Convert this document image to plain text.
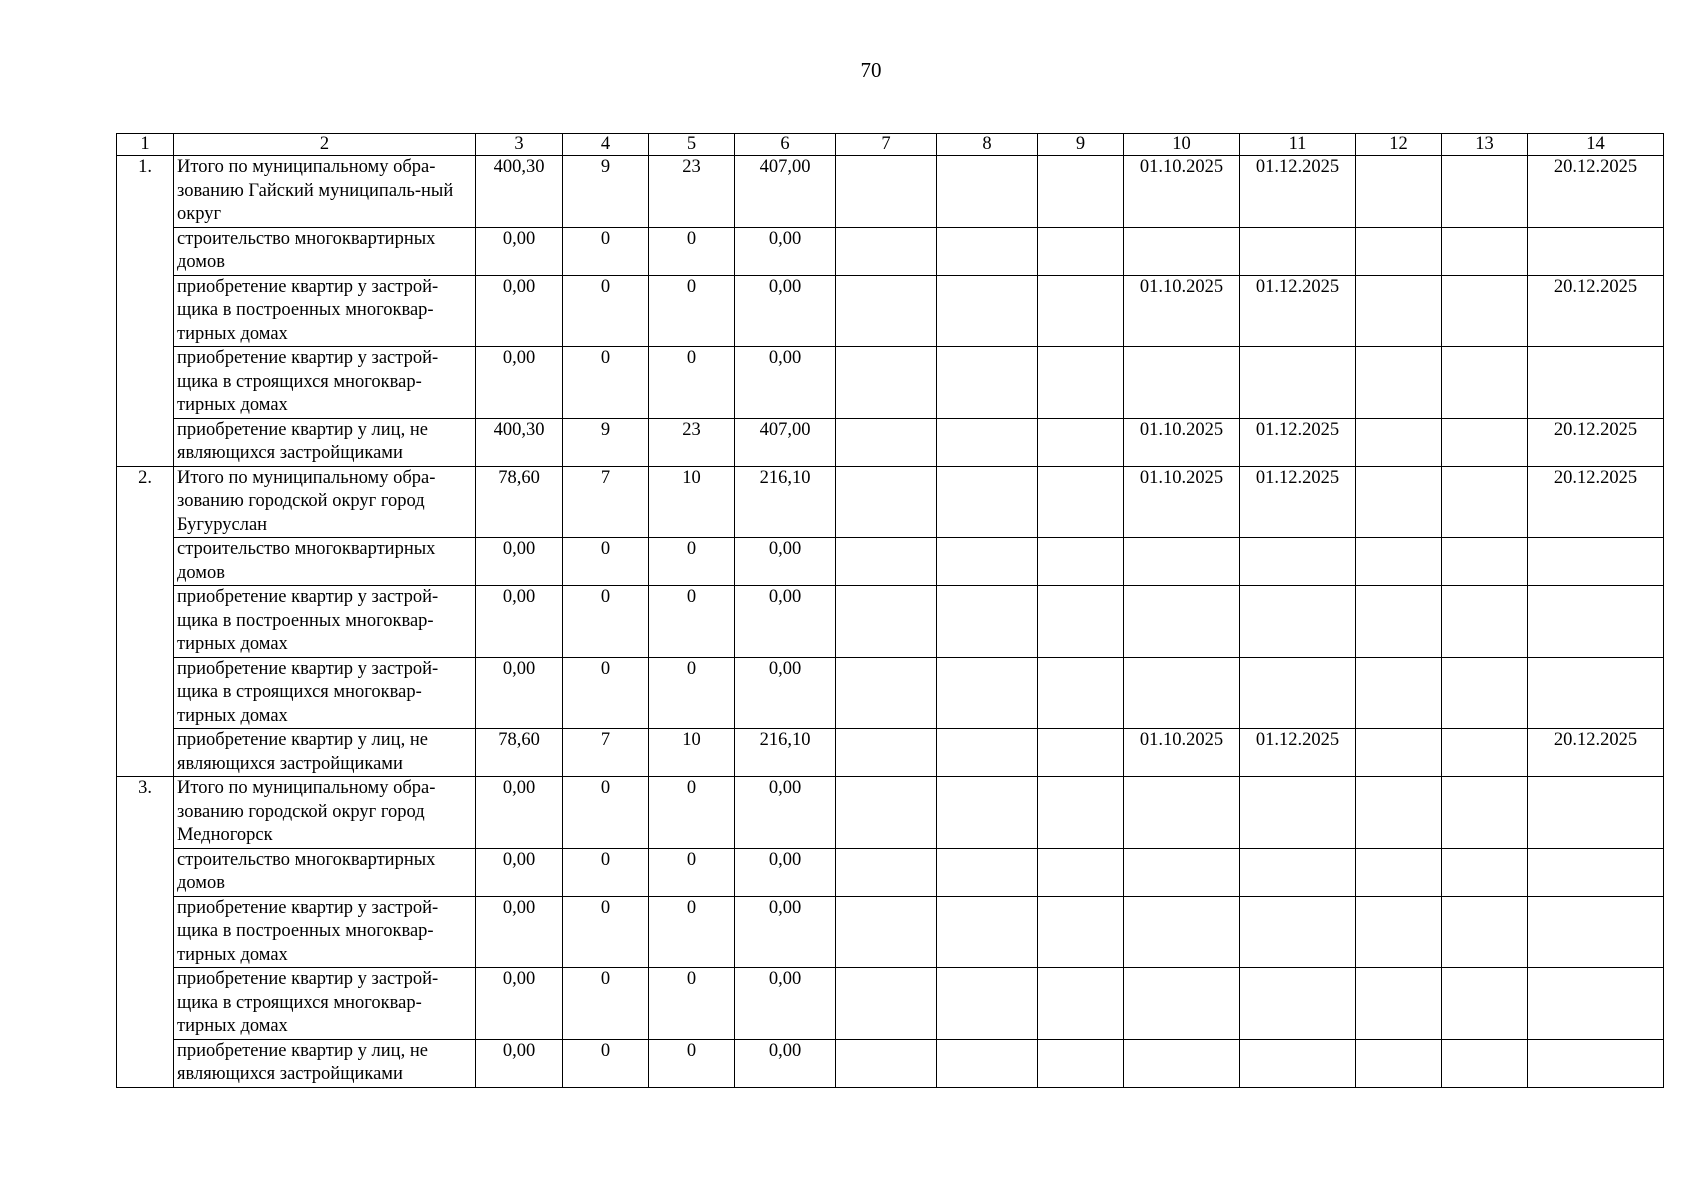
70
1	2	3	4	5	6	7	8	9	10	11	12	13	14
1.	Итого по муниципальному обра-зованию Гайский муниципаль-ный округ	400,30	9	23	407,00				01.10.2025	01.12.2025			20.12.2025
	строительство многоквартирных домов	0,00	0	0	0,00								
	приобретение квартир у застрой-щика в построенных многоквар-тирных домах	0,00	0	0	0,00				01.10.2025	01.12.2025			20.12.2025
	приобретение квартир у застрой-щика в строящихся многоквар-тирных домах	0,00	0	0	0,00								
	приобретение квартир у лиц, не являющихся застройщиками	400,30	9	23	407,00				01.10.2025	01.12.2025			20.12.2025
2.	Итого по муниципальному обра-зованию городской округ город Бугуруслан	78,60	7	10	216,10				01.10.2025	01.12.2025			20.12.2025
	строительство многоквартирных домов	0,00	0	0	0,00								
	приобретение квартир у застрой-щика в построенных многоквар-тирных домах	0,00	0	0	0,00								
	приобретение квартир у застрой-щика в строящихся многоквар-тирных домах	0,00	0	0	0,00								
	приобретение квартир у лиц, не являющихся застройщиками	78,60	7	10	216,10				01.10.2025	01.12.2025			20.12.2025
3.	Итого по муниципальному обра-зованию городской округ город Медногорск	0,00	0	0	0,00								
	строительство многоквартирных домов	0,00	0	0	0,00								
	приобретение квартир у застрой-щика в построенных многоквар-тирных домах	0,00	0	0	0,00								
	приобретение квартир у застрой-щика в строящихся многоквар-тирных домах	0,00	0	0	0,00								
	приобретение квартир у лиц, не являющихся застройщиками	0,00	0	0	0,00								
